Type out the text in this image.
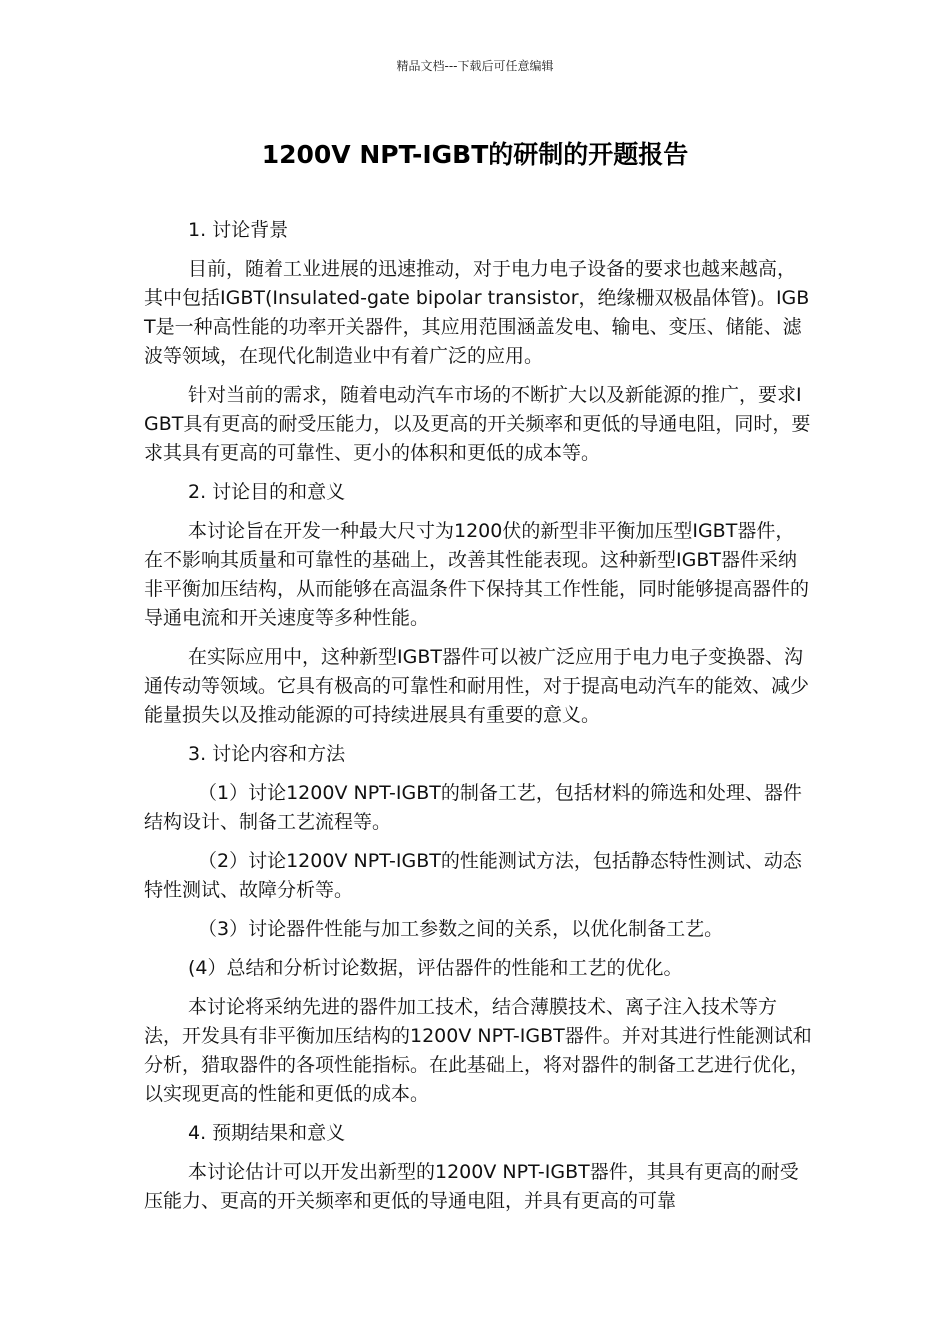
精品文档---下载后可任意编辑
1200V NPT-IGBT的研制的开题报告

1. 讨论背景

目前，随着工业进展的迅速推动，对于电力电子设备的要求也越来越高，其中包括IGBT(Insulated-gate bipolar transistor，绝缘栅双极晶体管)。IGBT是一种高性能的功率开关器件，其应用范围涵盖发电、输电、变压、储能、滤波等领域，在现代化制造业中有着广泛的应用。

针对当前的需求，随着电动汽车市场的不断扩大以及新能源的推广，要求IGBT具有更高的耐受压能力，以及更高的开关频率和更低的导通电阻，同时，要求其具有更高的可靠性、更小的体积和更低的成本等。

2. 讨论目的和意义

本讨论旨在开发一种最大尺寸为1200伏的新型非平衡加压型IGBT器件，在不影响其质量和可靠性的基础上，改善其性能表现。这种新型IGBT器件采纳非平衡加压结构，从而能够在高温条件下保持其工作性能，同时能够提高器件的导通电流和开关速度等多种性能。

在实际应用中，这种新型IGBT器件可以被广泛应用于电力电子变换器、沟通传动等领域。它具有极高的可靠性和耐用性，对于提高电动汽车的能效、减少能量损失以及推动能源的可持续进展具有重要的意义。

3. 讨论内容和方法

（1）讨论1200V NPT-IGBT的制备工艺，包括材料的筛选和处理、器件结构设计、制备工艺流程等。

（2）讨论1200V NPT-IGBT的性能测试方法，包括静态特性测试、动态特性测试、故障分析等。

（3）讨论器件性能与加工参数之间的关系，以优化制备工艺。

(4）总结和分析讨论数据，评估器件的性能和工艺的优化。

本讨论将采纳先进的器件加工技术，结合薄膜技术、离子注入技术等方法，开发具有非平衡加压结构的1200V NPT-IGBT器件。并对其进行性能测试和分析，猎取器件的各项性能指标。在此基础上，将对器件的制备工艺进行优化，以实现更高的性能和更低的成本。

4. 预期结果和意义

本讨论估计可以开发出新型的1200V NPT-IGBT器件，其具有更高的耐受压能力、更高的开关频率和更低的导通电阻，并具有更高的可靠
